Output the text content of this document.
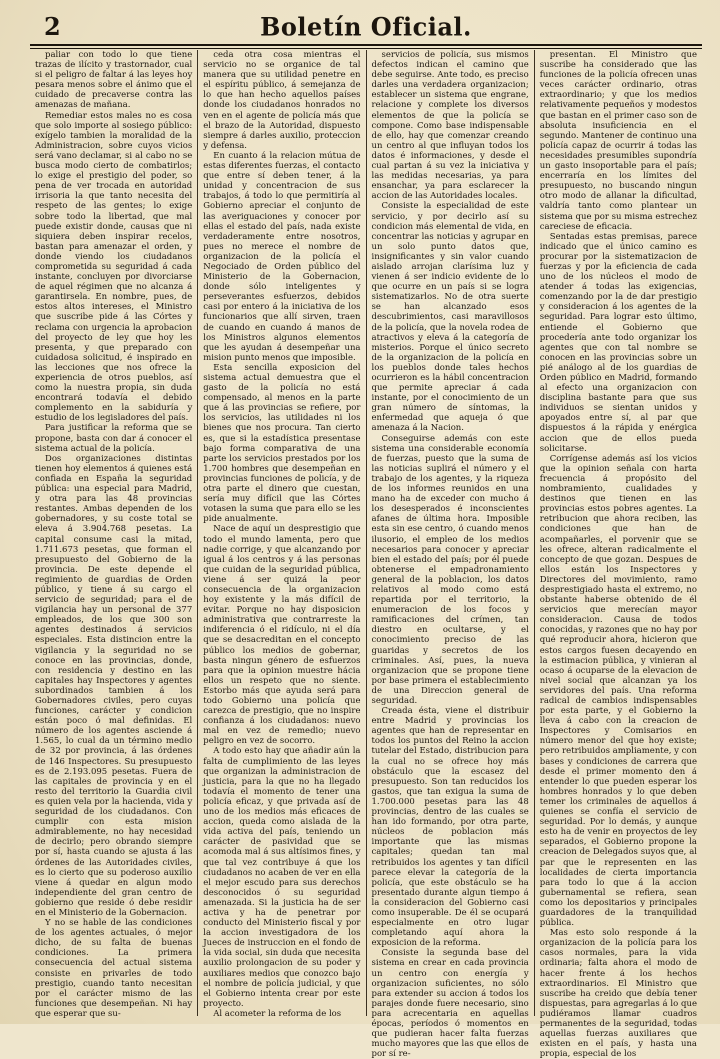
2	Boletín Oficial.

paliar con todo lo que tiene trazas de ilícito y trastornador, cual si el peligro de faltar á las leyes hoy pesara menos sobre el ánimo que el cuidado de precaverse contra las amenazas de mañana.

Remediar estos males no es cosa que solo importe al sosiego público: exígelo tambien la moralidad de la Administracion, sobre cuyos vicios será vano declamar, si al cabo no se busca modo cierto de combatirlos; lo exige el prestigio del poder, so pena de ver trocada en autoridad irrisoria la que tanto necesita del respeto de las gentes; lo exige sobre todo la libertad, que mal puede existir donde, causas que ni siquiera deben inspirar recelos, bastan para amenazar el orden, y donde viendo los ciudadanos comprometida su seguridad á cada instante, concluyen por divorciarse de aquel régimen que no alcanza á garantirsela. En nombre, pues, de estos altos intereses, el Ministro que suscribe pide á las Córtes y reclama con urgencia la aprobacion del proyecto de ley que hoy les presenta, y que preparado con cuidadosa solicitud, é inspirado en las lecciones que nos ofrece la experiencia de otros pueblos, así como la nuestra propia, sin duda encontrará todavía el debido complemento en la sabiduría y estudio de los legisladores del país.

Para justificar la reforma que se propone, basta con dar á conocer el sistema actual de la policía.

Dos organizaciones distintas tienen hoy elementos á quienes está confiada en España la seguridad pública: una especial para Madrid, y otra para las 48 provincias restantes. Ambas dependen de los gobernadores, y su coste total se eleva á 3.904.768 pesetas. La capital consume casi la mitad, 1.711.673 pesetas, que forman el presupuesto del Gobierno de la provincia. De este depende el regimiento de guardias de Orden público, y tiene á su cargo el servicio de seguridad; para el de vigilancia hay un personal de 377 empleados, de los que 300 son agentes destinados á servicios especiales. Esta distincion entre la vigilancia y la seguridad no se conoce en las provincias, donde, con residencia y destino en las capitales hay Inspectores y agentes subordinados tambien á los Gobernadores civiles, pero cuyas funciones, carácter y condicion están poco ó mal definidas. El número de los agentes asciende á 1.565, lo cual da un término medio de 32 por provincia, á las órdenes de 146 Inspectores. Su presupuesto es de 2.193.095 pesetas. Fuera de las capitales de provincia y en el resto del territorio la Guardia civil es quien vela por la hacienda, vida y seguridad de los ciudadanos. Con cumplir con esta mision admirablemente, no hay necesidad de decirlo; pero obrando siempre por sí, hasta cuando se ajusta á las órdenes de las Autoridades civiles, es lo cierto que su poderoso auxilio viene á quedar en algun modo independiente del gran centro de gobierno que reside ó debe residir en el Ministerio de la Gobernacion.

Y no se hable de las condiciones de los agentes actuales, ó mejor dicho, de su falta de buenas condiciones. La primera consecuencia del actual sistema consiste en privarles de todo prestigio, cuando tanto necesitan por el carácter mismo de las funciones que desempeñan. Ni hay que esperar que su-

ceda otra cosa mientras el servicio no se organice de tal manera que su utilidad penetre en el espíritu público, á semejanza de lo que han hecho aquellos países donde los ciudadanos honrados no ven en el agente de policía más que el brazo de la Autoridad, dispuesto siempre á darles auxilio, proteccion y defensa.

En cuanto á la relacion mútua de estas diferentes fuerzas, el contacto que entre sí deben tener, á la unidad y concentracion de sus trabajos, á todo lo que permitiría al Gobierno apreciar el conjunto de las averiguaciones y conocer por ellas el estado del país, nada existe verdaderamente entre nosotros, pues no merece el nombre de organizacion de la policía el Negociado de Orden público del Ministerio de la Gobernacion, donde sólo inteligentes y perseverantes esfuerzos, debidos casi por entero á la iniciativa de los funcionarios que allí sirven, traen de cuando en cuando á manos de los Ministros algunos elementos que les ayudan á desempeñar una mision punto menos que imposible.

Esta sencilla exposicion del sistema actual demuestra que el gasto de la policía no está compensado, al menos en la parte que á las provincias se refiere, por los servicios, las utilidades ni los bienes que nos procura. Tan cierto es, que si la estadística presentase bajo forma comparativa de una parte los servicios prestados por los 1.700 hombres que desempeñan en provincias funciones de policía, y de otra parte el dinero que cuestan, sería muy difícil que las Córtes votasen la suma que para ello se les pide anualmente.

Nace de aquí un desprestigio que todo el mundo lamenta, pero que nadie corrige, y que alcanzando por igual á los centros y á las personas que cuidan de la seguridad pública, viene á ser quizá la peor consecuencia de la organizacion hoy existente y la más difícil de evitar. Porque no hay disposicion administrativa que contrarreste la indiferencia ó el ridículo, ni el día que se desacreditan en el concepto público los medios de gobernar, basta ningun género de esfuerzos para que la opinion muestre hácia ellos un respeto que no siente. Estorbo más que ayuda será para todo Gobierno una policía que carezca de prestigio, que no inspire confianza á los ciudadanos: nuevo mal en vez de remedio; nuevo peligro en vez de socorro.

A todo esto hay que añadir aún la falta de cumplimiento de las leyes que organizan la administracion de justicia, para la que no ha llegado todavía el momento de tener una policía eficaz, y que privada así de uno de los medios más eficaces de accion, queda como aislada de la vida activa del país, teniendo un carácter de pasividad que se acomoda mal á sus altísimos fines, y que tal vez contribuye á que los ciudadanos no acaben de ver en ella el mejor escudo para sus derechos desconocidos ó su seguridad amenazada. Si la justicia ha de ser activa y ha de penetrar por conducto del Ministerio fiscal y por la accion investigadora de los Jueces de instruccion en el fondo de la vida social, sin duda que necesita auxilio prolongacion de su poder y auxiliares medios que conozco bajo el nombre de policía judicial, y que el Gobierno intenta crear por este proyecto.

Al acometer la reforma de los

servicios de policía, sus mismos defectos indican el camino que debe seguirse. Ante todo, es preciso darles una verdadera organizacion; establecer un sistema que engrane, relacione y complete los diversos elementos de que la policía se compone. Como base indispensable de ello, hay que comenzar creando un centro al que influyan todos los datos é informaciones, y desde el cual partan á su vez la iniciativa y las medidas necesarias, ya para ensanchar, ya para esclarecer la accion de las Autoridades locales.

Consiste la especialidad de este servicio, y por decirlo así su condicion más elemental de vida, en concentrar las noticias y agrupar en un solo punto datos que, insignificantes y sin valor cuando aislado arrojan clarísima luz y vienen á ser indicio evidente de lo que ocurre en un país si se logra sistematizarlos. No de otra suerte se han alcanzado esos descubrimientos, casi maravillosos de la policía, que la novela rodea de atractivos y eleva á la categoría de misterios. Porque el único secreto de la organizacion de la policía en los pueblos donde tales hechos ocurrieron es la hábil concentracion que permite apreciar á cada instante, por el conocimiento de un gran número de síntomas, la enfermedad que aqueja ó que amenaza á la Nacion.

Conseguirse además con este sistema una considerable economía de fuerzas, puesto que la suma de las noticias suplirá el número y el trabajo de los agentes, y la riqueza de los informes reunidos en una mano ha de exceder con mucho á los desesperados é inconscientes afanes de última hora. Imposible esta sin ese centro, ó cuando menos ilusorio, el empleo de los medios necesarios para conocer y apreciar bien el estado del país; por él puede obtenerse el empadronamiento general de la poblacion, los datos relativos al modo como está repartida por el territorio, la enumeracion de los focos y ramificaciones del crímen, tan diestro en ocultarse, y el conocimiento preciso de las guaridas y secretos de los criminales. Así, pues, la nueva organizacion que se propone tiene por base primera el establecimiento de una Direccion general de seguridad.

Creada ésta, viene el distribuir entre Madrid y provincias los agentes que han de representar en todos los puntos del Reino la accion tutelar del Estado, distribucion para la cual no se ofrece hoy más obstáculo que la escasez del presupuesto. Son tan reducidos los gastos, que tan exigua la suma de 1.700.000 pesetas para las 48 provincias, dentro de las cuales se han ido formando, por otra parte, núcleos de poblacion más importante que las mismas capitales; quedan tan mal retribuidos los agentes y tan difícil parece elevar la categoría de la policía, que este obstáculo se ha presentado durante algun tiempo á la consideracion del Gobierno casi como insuperable. De él se ocupará especialmente en otro lugar completando aquí ahora la exposicion de la reforma.

Consiste la segunda base del sistema en crear en cada provincia un centro con energía y organizacion suficientes, no sólo para extender su accion á todos los parajes donde fuere necesario, sino para acrecentaria en aquellas épocas, períodos ó momentos en que pudieran hacer falta fuerzas mucho mayores que las que ellos de por sí re-

presentan. El Ministro que suscribe ha considerado que las funciones de la policía ofrecen unas veces carácter ordinario, otras extraordinario; y que los medios relativamente pequeños y modestos que bastan en el primer caso son de absoluta insuficiencia en el segundo. Mantener de continuo una policía capaz de ocurrir á todas las necesidades presumibles supondría un gasto insoportable para el país; encerraría en los límites del presupuesto, no buscando ningun otro modo de allanar la dificultad, valdría tanto como plantear un sistema que por su misma estrechez careciese de eficacia.

Sentadas estas premisas, parece indicado que el único camino es procurar por la sistematizacion de fuerzas y por la eficiencia de cada uno de los núcleos el modo de atender á todas las exigencias, comenzando por la de dar prestigio y consideracion á los agentes de la seguridad. Para lograr esto último, entiende el Gobierno que procedería ante todo organizar los agentes que con tal nombre se conocen en las provincias sobre un pié análogo al de los guardias de Orden público en Madrid, formando al efecto una organizacion con disciplina bastante para que sus individuos se sientan unidos y apoyados entre sí, al par que dispuestos á la rápida y enérgica accion que de ellos pueda solicitarse.

Corrígense además así los vicios que la opinion señala con harta frecuencia á propósito del nombramiento, cualidades y destinos que tienen en las provincias estos pobres agentes. La retribucion que ahora reciben, las condiciones que han de acompañarles, el porvenir que se les ofrece, alteran radicalmente el concepto de que gozan. Despues de ellos están los Inspectores y Directores del movimiento, ramo desprestigiado hasta el extremo, no obstante haberse obtenido de él servicios que merecían mayor consideracion. Causa de todos conocidas, y razones que no hay por qué reproducir ahora, hicieron que estos cargos fuesen decayendo en la estimacion pública, y vinieran al ocaso á ocuparse de la elevacion de nivel social que alcanzan ya los servidores del país. Una reforma radical de cambios indispensables por esta parte, y el Gobierno la lleva á cabo con la creacion de Inspectores y Comisarios en número menor del que hoy existe; pero retribuidos ampliamente, y con bases y condiciones de carrera que desde el primer momento den á entender lo que pueden esperar los hombres honrados y lo que deben temer los criminales de aquellos á quienes se confía el servicio de seguridad. Por lo demás, y aunque esto ha de venir en proyectos de ley separados, el Gobierno propone la creacion de Delegados suyos que, al par que le representen en las localidades de cierta importancia para todo lo que á la accion gubernamental se refiera, sean como los depositarios y principales guardadores de la tranquilidad pública.

Mas esto solo responde á la organizacion de la policía para los casos normales, para la vida ordinaria; falta ahora el modo de hacer frente á los hechos extraordinarios. El Ministro que suscribe ha creido que debía tener dispuestas, para agregarlas á lo que pudiéramos llamar cuadros permanentes de la seguridad, todas aquellas fuerzas auxiliares que existen en el país, y hasta una propia, especial de los
